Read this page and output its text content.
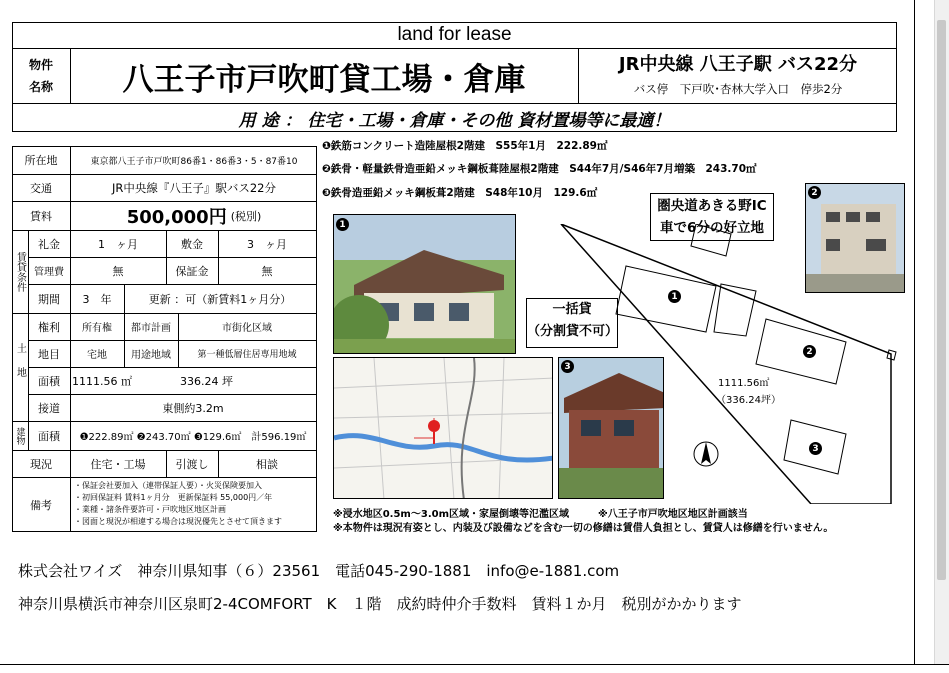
land for lease
物件
名称	八王子市戸吹町貸工場・倉庫	JR中央線 八王子駅 バス22分
バス停　下戸吹･杏林大学入口　停歩2分
用 途 ： 住宅・工場・倉庫・その他 資材置場等に最適！
所在地	東京都八王子市戸吹町86番1・86番3・5・87番10
交通	JR中央線『八王子』駅バス22分
賃料	500,000円 (税別)
賃貸条件
礼金	1　ヶ月	敷金	3　ヶ月
管理費	無	保証金	無
期間	3　年	更新 ：可（新賃料1ヶ月分）
土地
権利	所有権	都市計画	市街化区域
地目	宅地	用途地域	第一種低層住居専用地域
面積	1111.56 ㎡	336.24 坪
接道	東側約3.2m
建物	面積	❶222.89㎡ ❷243.70㎡ ❸129.6㎡　計596.19㎡
現況	住宅・工場	引渡し	相談
備考
・保証会社要加入（連帯保証人要）・火災保険要加入
・初回保証料 賃料1ヶ月分　更新保証料 55,000円／年
・業種・諸条件要許可・戸吹地区地区計画
・図面と現況が相違する場合は現況優先とさせて頂きます
❶鉄筋コンクリート造陸屋根2階建　S55年1月　222.89㎡
❷鉄骨・軽量鉄骨造亜鉛メッキ鋼板葺陸屋根2階建　S44年7月/S46年7月増築　243.70㎡
❸鉄骨造亜鉛メッキ鋼板葺2階建　S48年10月　129.6㎡
1
一括貸
（分割貸不可）
2
3
圏央道あきる野IC
車で6分の好立地
1
2
3
1111.56㎡
（336.24坪）
※浸水地区0.5m～3.0m区域・家屋倒壊等氾濫区域	※八王子市戸吹地区地区計画該当
※本物件は現況有姿とし、内装及び設備などを含む一切の修繕は賃借人負担とし、賃貸人は修繕を行いません。
株式会社ワイズ　神奈川県知事（６）23561　電話045-290-1881　info@e-1881.com
神奈川県横浜市神奈川区泉町2-4COMFORT　K　１階　成約時仲介手数料　賃料１か月　税別がかかります
